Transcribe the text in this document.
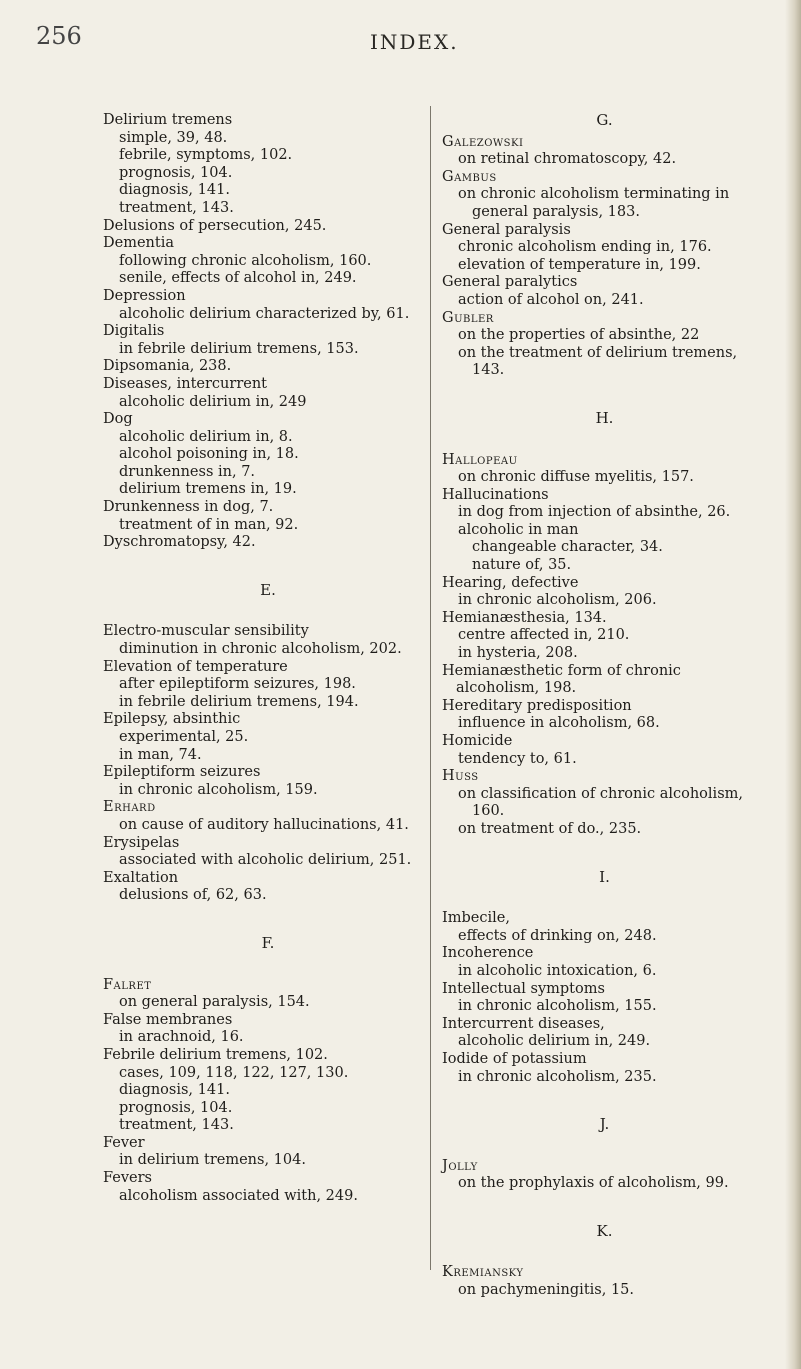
256	INDEX.
Delirium tremens
simple, 39, 48.
febrile, symptoms, 102.
prognosis, 104.
diagnosis, 141.
treatment, 143.
Delusions of persecution, 245.
Dementia
following chronic alcoholism, 160.
senile, effects of alcohol in, 249.
Depression
alcoholic delirium characterized by, 61.
Digitalis
in febrile delirium tremens, 153.
Dipsomania, 238.
Diseases, intercurrent
alcoholic delirium in, 249
Dog
alcoholic delirium in, 8.
alcohol poisoning in, 18.
drunkenness in, 7.
delirium tremens in, 19.
Drunkenness in dog, 7.
treatment of in man, 92.
Dyschromatopsy, 42.
E.
Electro-muscular sensibility
diminution in chronic alcoholism, 202.
Elevation of temperature
after epileptiform seizures, 198.
in febrile delirium tremens, 194.
Epilepsy, absinthic
experimental, 25.
in man, 74.
Epileptiform seizures
in chronic alcoholism, 159.
Erhard
on cause of auditory hallucinations, 41.
Erysipelas
associated with alcoholic delirium, 251.
Exaltation
delusions of, 62, 63.
F.
Falret
on general paralysis, 154.
False membranes
in arachnoid, 16.
Febrile delirium tremens, 102.
cases, 109, 118, 122, 127, 130.
diagnosis, 141.
prognosis, 104.
treatment, 143.
Fever
in delirium tremens, 104.
Fevers
alcoholism associated with, 249.
G.
Galezowski
on retinal chromatoscopy, 42.
Gambus
on chronic alcoholism terminating in general paralysis, 183.
General paralysis
chronic alcoholism ending in, 176.
elevation of temperature in, 199.
General paralytics
action of alcohol on, 241.
Gubler
on the properties of absinthe, 22
on the treatment of delirium tremens, 143.
H.
Hallopeau
on chronic diffuse myelitis, 157.
Hallucinations
in dog from injection of absinthe, 26.
alcoholic in man
changeable character, 34.
nature of, 35.
Hearing, defective
in chronic alcoholism, 206.
Hemianæsthesia, 134.
centre affected in, 210.
in hysteria, 208.
Hemianæsthetic form of chronic alcoholism, 198.
Hereditary predisposition
influence in alcoholism, 68.
Homicide
tendency to, 61.
Huss
on classification of chronic alcoholism, 160.
on treatment of do., 235.
I.
Imbecile,
effects of drinking on, 248.
Incoherence
in alcoholic intoxication, 6.
Intellectual symptoms
in chronic alcoholism, 155.
Intercurrent diseases,
alcoholic delirium in, 249.
Iodide of potassium
in chronic alcoholism, 235.
J.
Jolly
on the prophylaxis of alcoholism, 99.
K.
Kremiansky
on pachymeningitis, 15.
